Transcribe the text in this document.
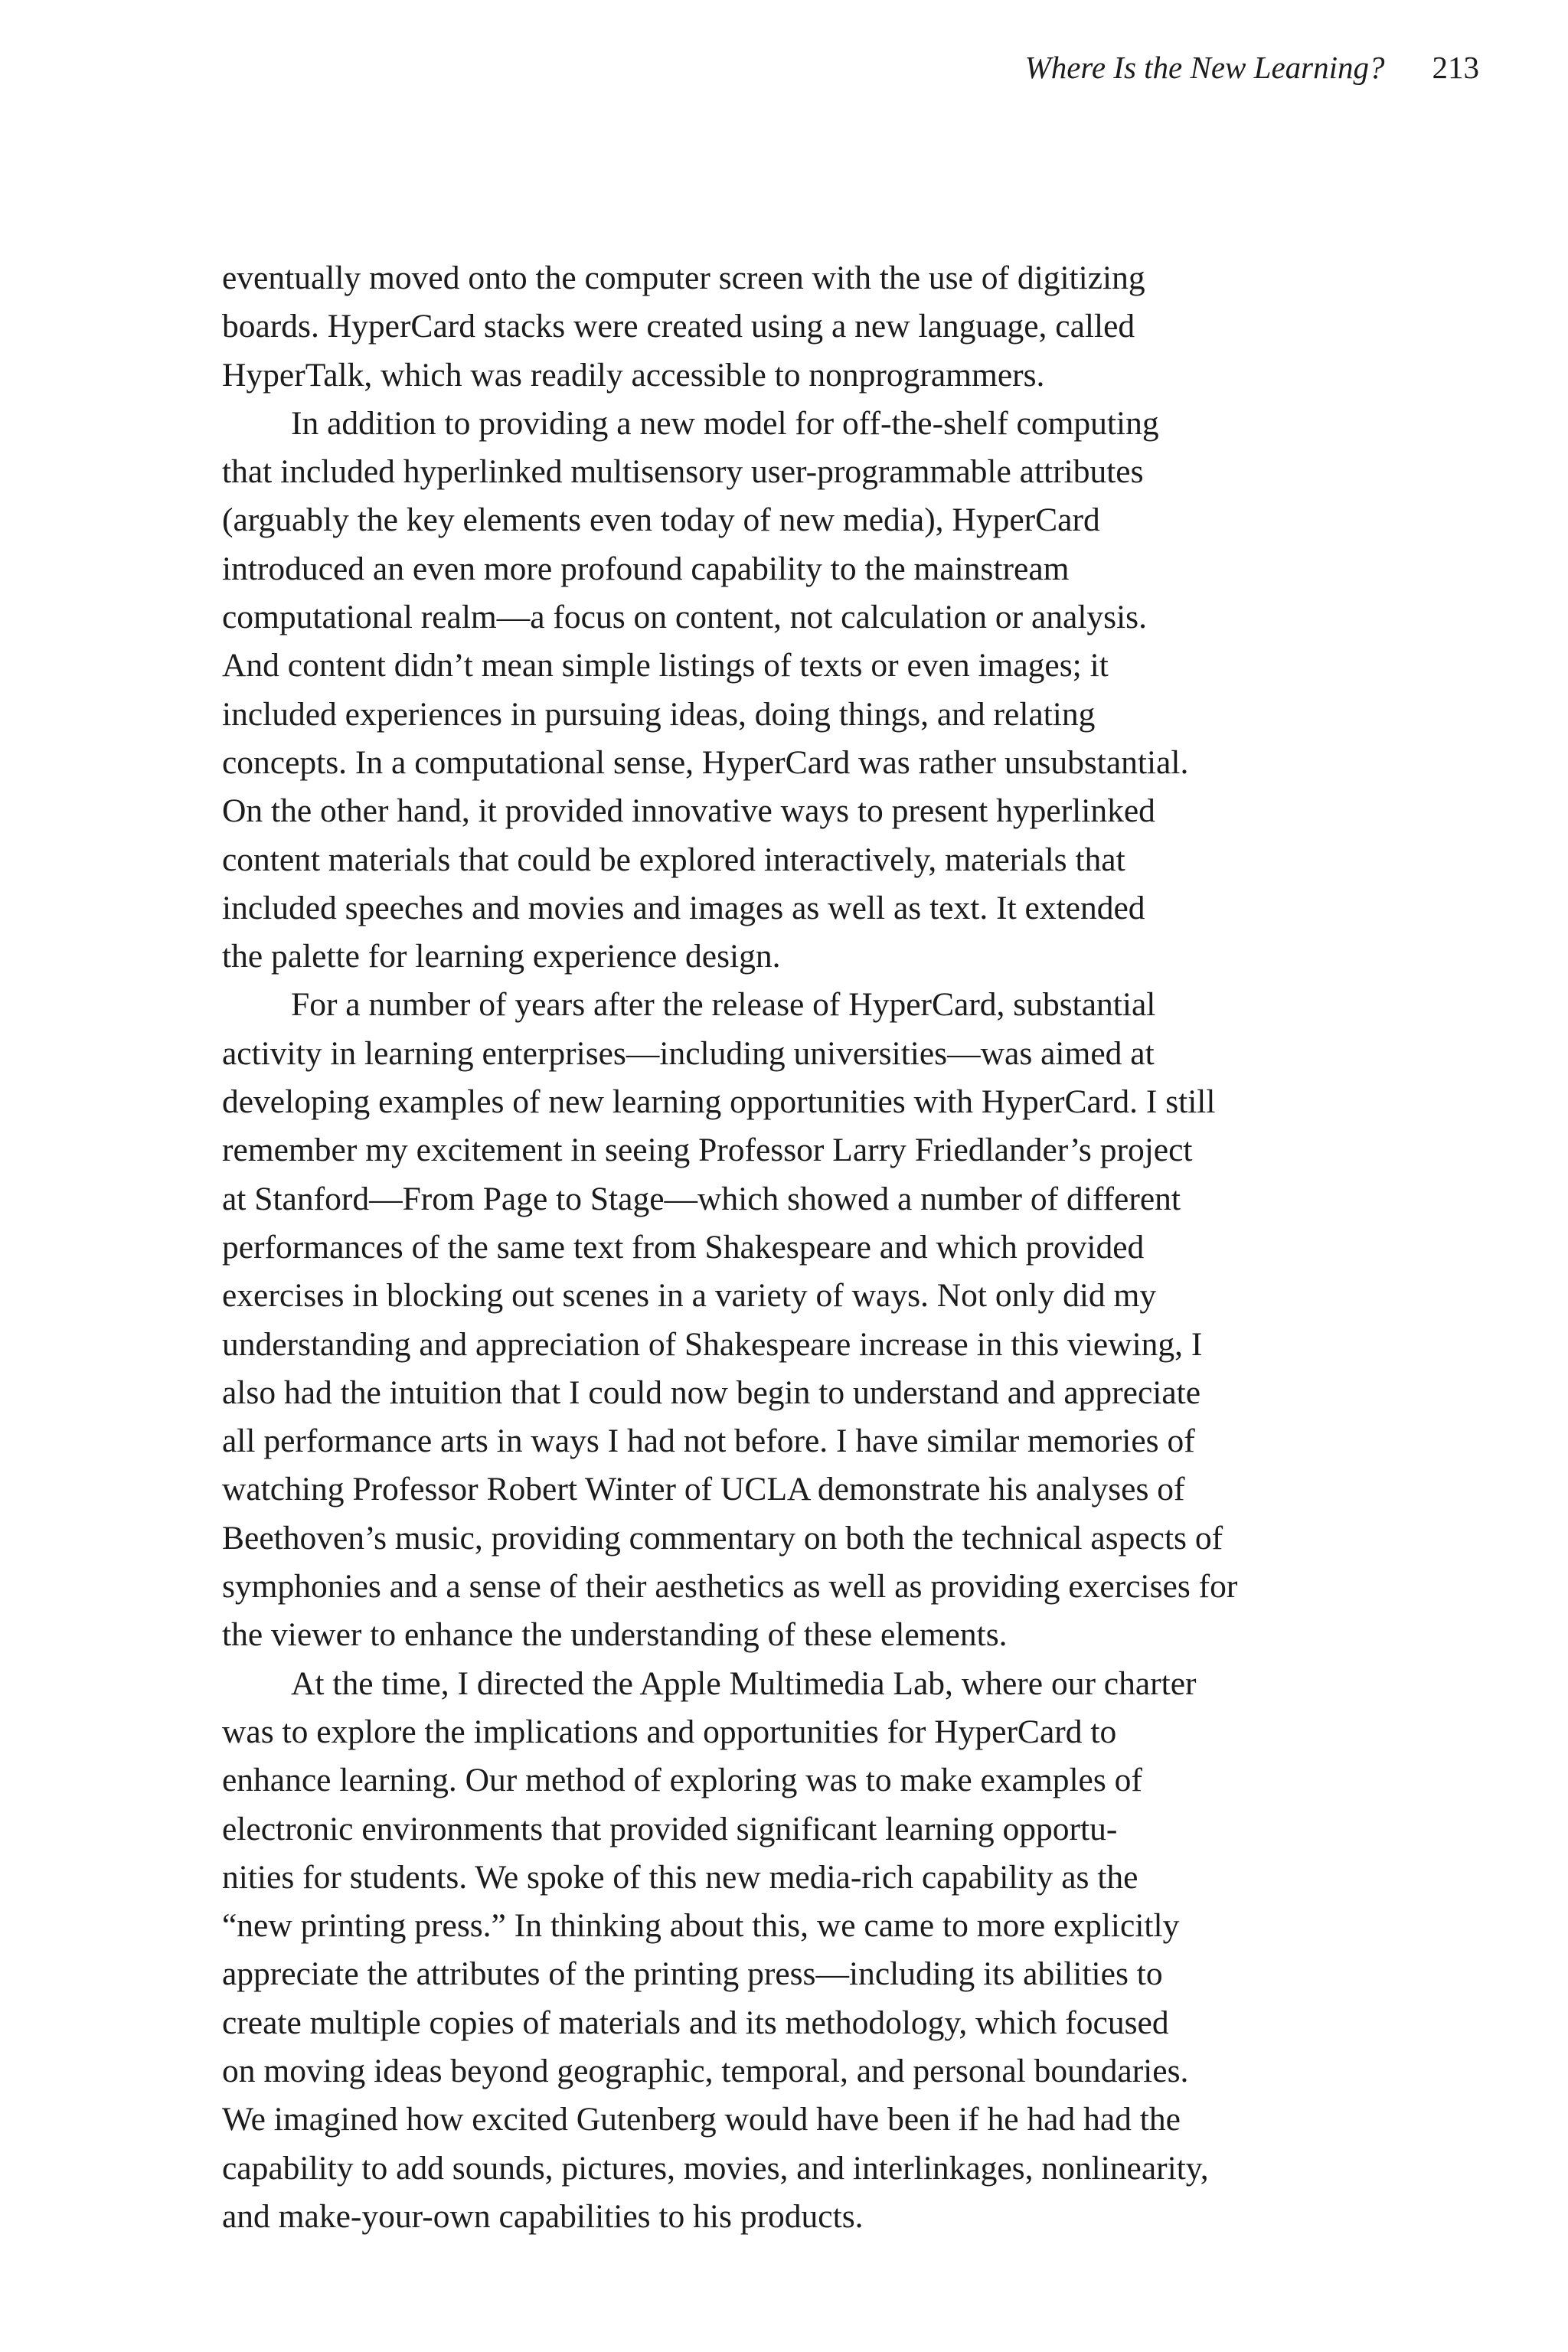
Where Is the New Learning? 213
eventually moved onto the computer screen with the use of digitizing
boards. HyperCard stacks were created using a new language, called
HyperTalk, which was readily accessible to nonprogrammers.
In addition to providing a new model for off-the-shelf computing
that included hyperlinked multisensory user-programmable attributes
(arguably the key elements even today of new media), HyperCard
introduced an even more profound capability to the mainstream
computational realm—a focus on content, not calculation or analysis.
And content didn’t mean simple listings of texts or even images; it
included experiences in pursuing ideas, doing things, and relating
concepts. In a computational sense, HyperCard was rather unsubstantial.
On the other hand, it provided innovative ways to present hyperlinked
content materials that could be explored interactively, materials that
included speeches and movies and images as well as text. It extended
the palette for learning experience design.
For a number of years after the release of HyperCard, substantial
activity in learning enterprises—including universities—was aimed at
developing examples of new learning opportunities with HyperCard. I still
remember my excitement in seeing Professor Larry Friedlander’s project
at Stanford—From Page to Stage—which showed a number of different
performances of the same text from Shakespeare and which provided
exercises in blocking out scenes in a variety of ways. Not only did my
understanding and appreciation of Shakespeare increase in this viewing, I
also had the intuition that I could now begin to understand and appreciate
all performance arts in ways I had not before. I have similar memories of
watching Professor Robert Winter of UCLA demonstrate his analyses of
Beethoven’s music, providing commentary on both the technical aspects of
symphonies and a sense of their aesthetics as well as providing exercises for
the viewer to enhance the understanding of these elements.
At the time, I directed the Apple Multimedia Lab, where our charter
was to explore the implications and opportunities for HyperCard to
enhance learning. Our method of exploring was to make examples of
electronic environments that provided significant learning opportu-
nities for students. We spoke of this new media-rich capability as the
“new printing press.” In thinking about this, we came to more explicitly
appreciate the attributes of the printing press—including its abilities to
create multiple copies of materials and its methodology, which focused
on moving ideas beyond geographic, temporal, and personal boundaries.
We imagined how excited Gutenberg would have been if he had had the
capability to add sounds, pictures, movies, and interlinkages, nonlinearity,
and make-your-own capabilities to his products.
